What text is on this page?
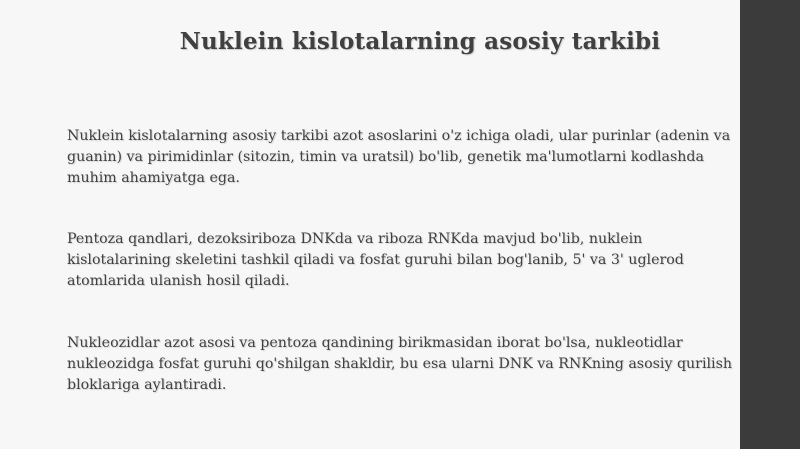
Nuklein kislotalarning asosiy tarkibi

Nuklein kislotalarning asosiy tarkibi azot asoslarini o'z ichiga oladi, ular purinlar (adenin va guanin) va pirimidinlar (sitozin, timin va uratsil) bo'lib, genetik ma'lumotlarni kodlashda muhim ahamiyatga ega.

Pentoza qandlari, dezoksiriboza DNKda va riboza RNKda mavjud bo'lib, nuklein kislotalarining skeletini tashkil qiladi va fosfat guruhi bilan bog'lanib, 5' va 3' uglerod atomlarida ulanish hosil qiladi.

Nukleozidlar azot asosi va pentoza qandining birikmasidan iborat bo'lsa, nukleotidlar nukleozidga fosfat guruhi qo'shilgan shakldir, bu esa ularni DNK va RNKning asosiy qurilish bloklariga aylantiradi.
